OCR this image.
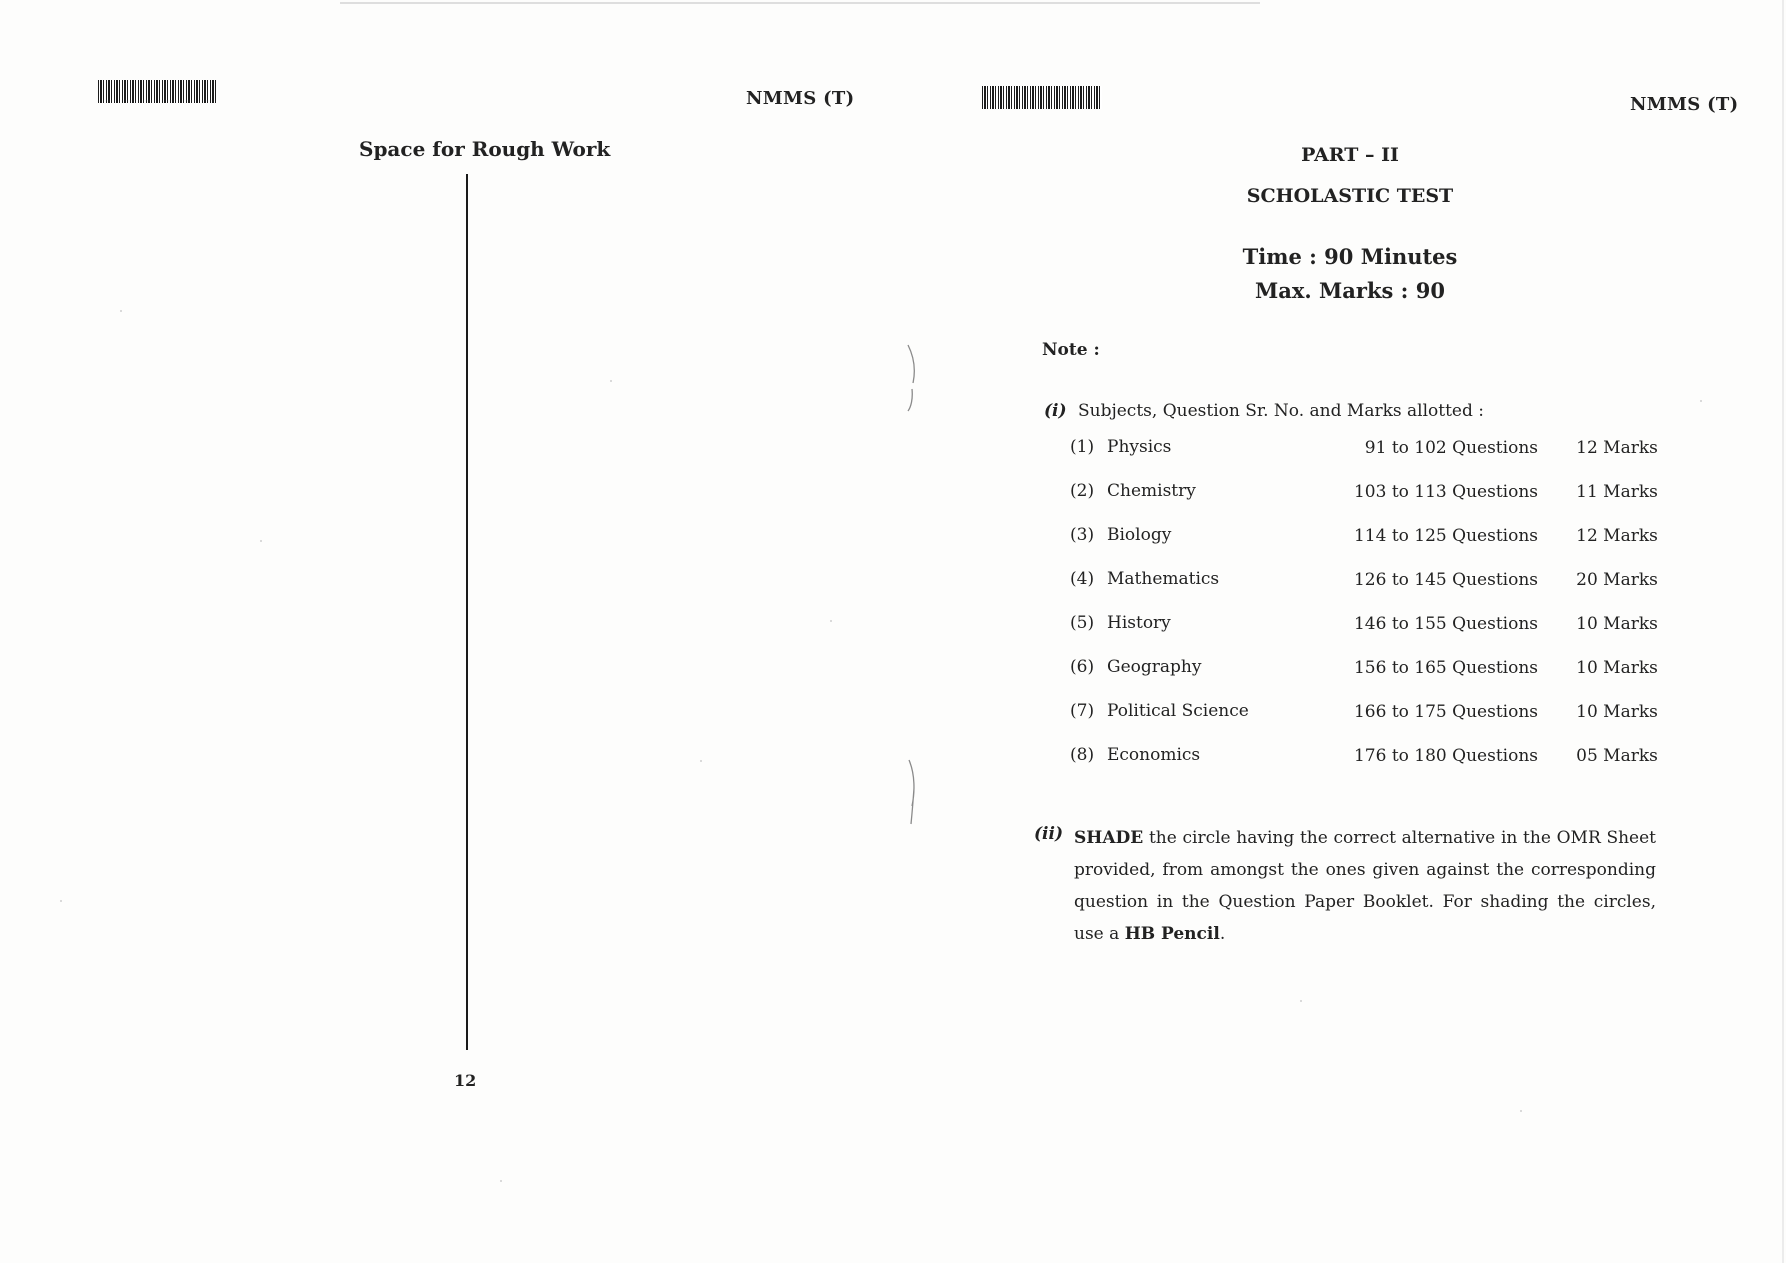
NMMS (T)
Space for Rough Work
12
NMMS (T)
PART – II
SCHOLASTIC TEST
Time : 90 Minutes
Max. Marks : 90
Note :
(i) Subjects, Question Sr. No. and Marks allotted :
(1) Physics	91 to 102 Questions	12 Marks
(2) Chemistry	103 to 113 Questions	11 Marks
(3) Biology	114 to 125 Questions	12 Marks
(4) Mathematics	126 to 145 Questions	20 Marks
(5) History	146 to 155 Questions	10 Marks
(6) Geography	156 to 165 Questions	10 Marks
(7) Political Science	166 to 175 Questions	10 Marks
(8) Economics	176 to 180 Questions	05 Marks
(ii) SHADE the circle having the correct alternative in the OMR Sheet provided, from amongst the ones given against the corresponding question in the Question Paper Booklet. For shading the circles, use a HB Pencil.
